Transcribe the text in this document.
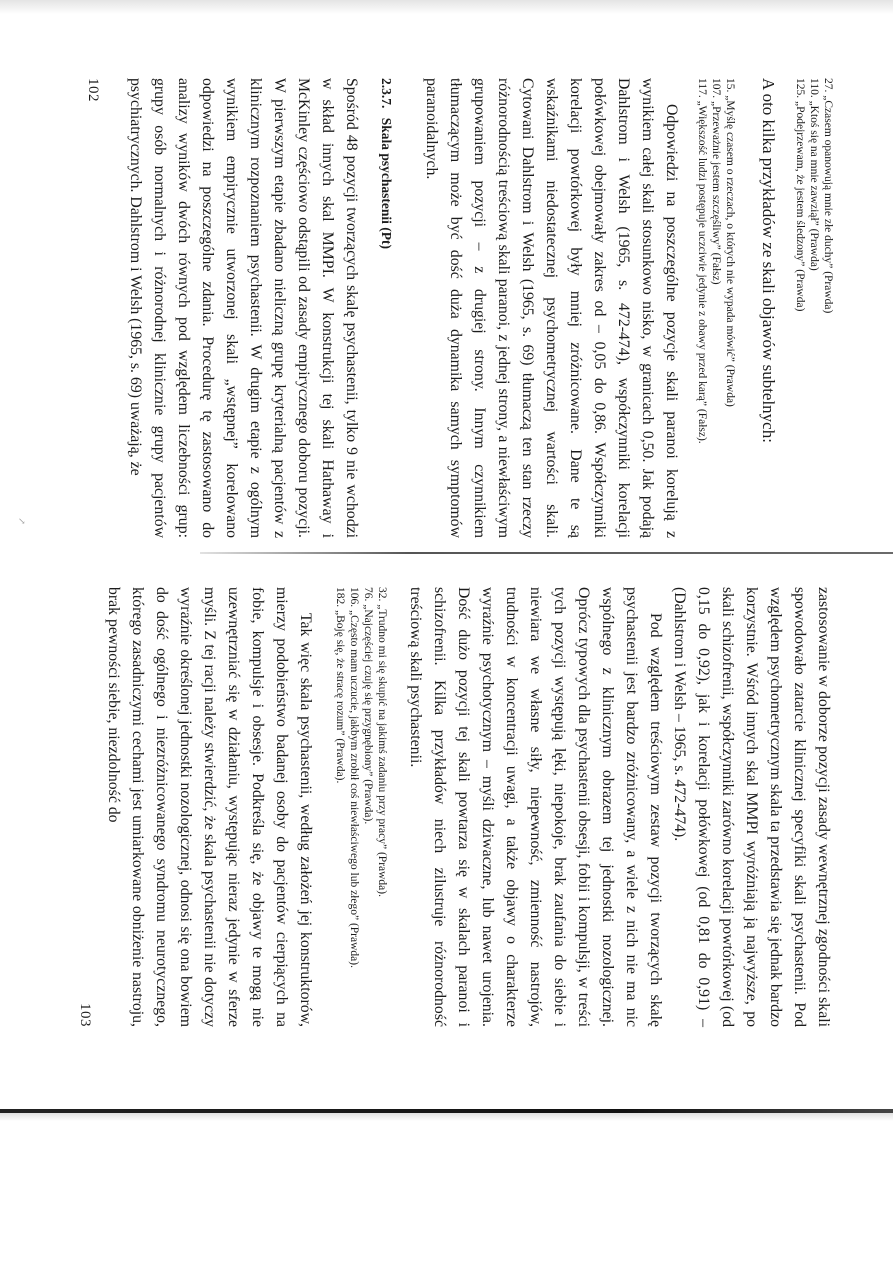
↘

27. „Czasem opanowują mnie złe duchy” (Prawda)

110. „Ktoś się na mnie zawziął” (Prawda)

125. „Podejrzewam, że jestem śledzony” (Prawda)

A oto kilka przykładów ze skali objawów subtelnych:

15. „Myślę czasem o rzeczach, o których nie wypada mówić” (Prawda)

107. „Przeważnie jestem szczęśliwy” (Fałsz)

117. „Większość ludzi postępuje uczciwie jedynie z obawy przed karą” (Fałsz).

Odpowiedzi na poszczególne pozycje skali paranoi korelują z wynikiem całej skali stosunkowo nisko, w granicach 0,50. Jak podają Dahlstrom i Welsh (1965, s. 472-474), współczynniki korelacji połówkowej obejmowały zakres od – 0,05 do 0,86. Współczynniki korelacji powtórkowej były mniej zróżnicowane. Dane te są wskaźnikami niedostatecznej psychometrycznej wartości skali. Cytowani Dahlstrom i Welsh (1965, s. 69) tłumaczą ten stan rzeczy różnorodnością treściową skali paranoi, z jednej strony, a niewłaściwym grupowaniem pozycji – z drugiej strony. Innym czynnikiem tłumaczącym może być dość duża dynamika samych symptomów paranoidalnych.

2.3.7. Skala psychastenii (Pt)

Spośród 48 pozycji tworzących skalę psychastenii, tylko 9 nie wchodzi w skład innych skal MMPI. W konstrukcji tej skali Hathaway i McKinley częściowo odstąpili od zasady empirycznego doboru pozycji. W pierwszym etapie zbadano nieliczną grupę kryterialną pacjentów z klinicznym rozpoznaniem psychastenii. W drugim etapie z ogólnym wynikiem empirycznie utworzonej skali „wstępnej” korelowano odpowiedzi na poszczególne zdania. Procedurę tę zastosowano do analizy wyników dwóch równych pod względem liczebności grup: grupy osób normalnych i różnorodnej klinicznie grupy pacjentów psychiatrycznych. Dahlstrom i Welsh (1965, s. 69) uważają, że

102

zastosowanie w doborze pozycji zasady wewnętrznej zgodności skali spowodowało zatarcie klinicznej specyfiki skali psychastenii. Pod względem psychometrycznym skala ta przedstawia się jednak bardzo korzystnie. Wśród innych skal MMPI wyróżniają ją najwyższe, po skali schizofrenii, współczynniki zarówno korelacji powtórkowej (od 0,15 do 0,92), jak i korelacji połówkowej (od 0,81 do 0,91) – (Dahlstrom i Welsh – 1965, s. 472-474).

Pod względem treściowym zestaw pozycji tworzących skalę psychastenii jest bardzo zróżnicowany, a wiele z nich nie ma nic wspólnego z klinicznym obrazem tej jednostki nozologicznej. Oprócz typowych dla psychastenii obsesji, fobii i kompulsji, w treści tych pozycji występują lęki, niepokoje, brak zaufania do siebie i niewiara we własne siły, niepewność, zmienność nastrojów, trudności w koncentracji uwagi, a także objawy o charakterze wyraźnie psychotycznym – myśli dziwaczne, lub nawet urojenia. Dość dużo pozycji tej skali powtarza się w skalach paranoi i schizofrenii. Kilka przykładów niech zilustruje różnorodność treściową skali psychastenii.

32. „Trudno mi się skupić na jakimś zadaniu przy pracy” (Prawda).

76. „Najczęściej czuję się przygnębiony” (Prawda).

106. „Często mam uczucie, jakbym zrobił coś niewłaściwego lub złego” (Prawda).

182. „Boję się, że stracę rozum” (Prawda).

Tak więc skala psychastenii, według założeń jej konstruktorów, mierzy podobieństwo badanej osoby do pacjentów cierpiących na fobie, kompulsje i obsesje. Podkreśla się, że objawy te mogą nie uzewnętrzniać się w działaniu, występując nieraz jedynie w sferze myśli. Z tej racji należy stwierdzić, że skala psychastenii nie dotyczy wyraźnie określonej jednostki nozologicznej, odnosi się ona bowiem do dość ogólnego i niezróżnicowanego syndromu neurotycznego, którego zasadniczymi cechami jest umiarkowane obniżenie nastroju, brak pewności siebie, niezdolność do

103
